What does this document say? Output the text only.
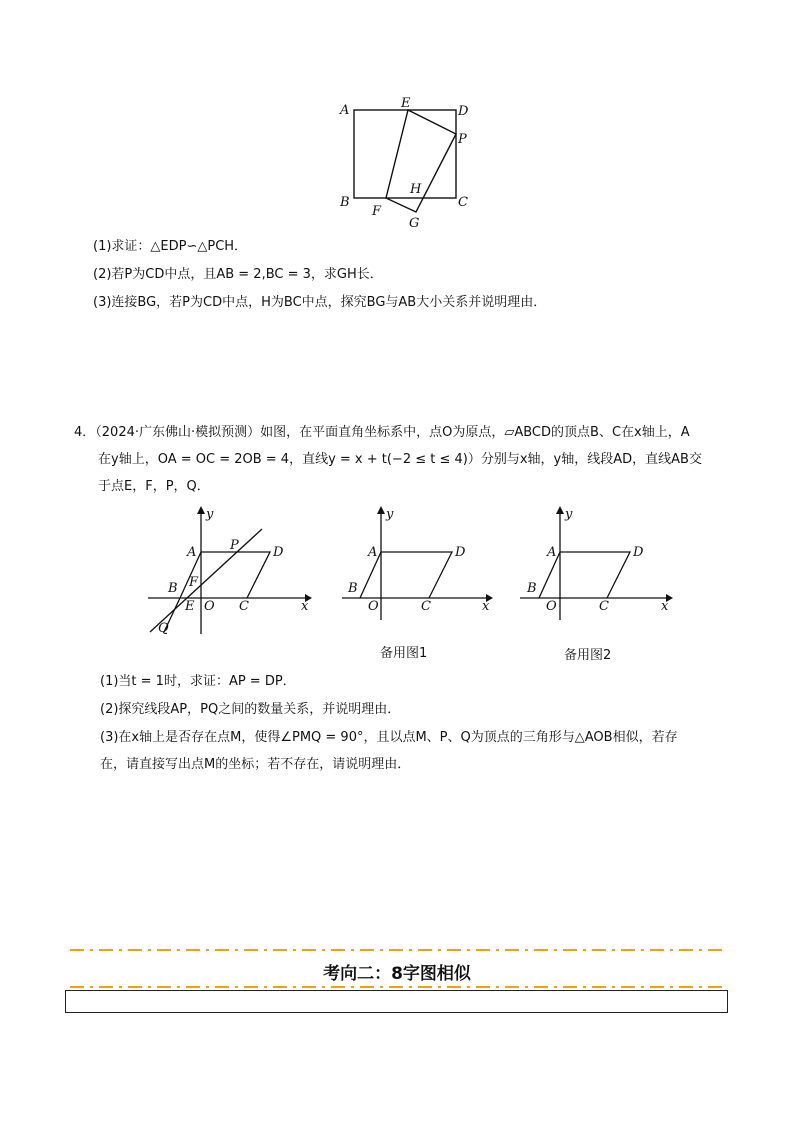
A	E
D
P
B
F
H
G
C
(1)求证：△EDP∽△PCH．
(2)若P为CD中点，且AB = 2,BC = 3，求GH长．
(3)连接BG，若P为CD中点，H为BC中点，探究BG与AB大小关系并说明理由．
4．（2024·广东佛山·模拟预测）如图，在平面直角坐标系中，点O为原点，▱ABCD的顶点B、C在x轴上，A
在y轴上，OA = OC = 2OB = 4，直线y = x + t(−2 ≤ t ≤ 4)）分别与x轴，y轴，线段AD，直线AB交
于点E，F，P，Q．
y
A	P	D
B F
E O C	x
Q
y
A	D
B
O	C	x
备用图1
y
A	D
B
O	C	x
备用图2
(1)当t = 1时，求证：AP = DP．
(2)探究线段AP，PQ之间的数量关系，并说明理由．
(3)在x轴上是否存在点M，使得∠PMQ = 90°，且以点M、P、Q为顶点的三角形与△AOB相似，若存
在，请直接写出点M的坐标；若不存在，请说明理由．
考向二：8字图相似
